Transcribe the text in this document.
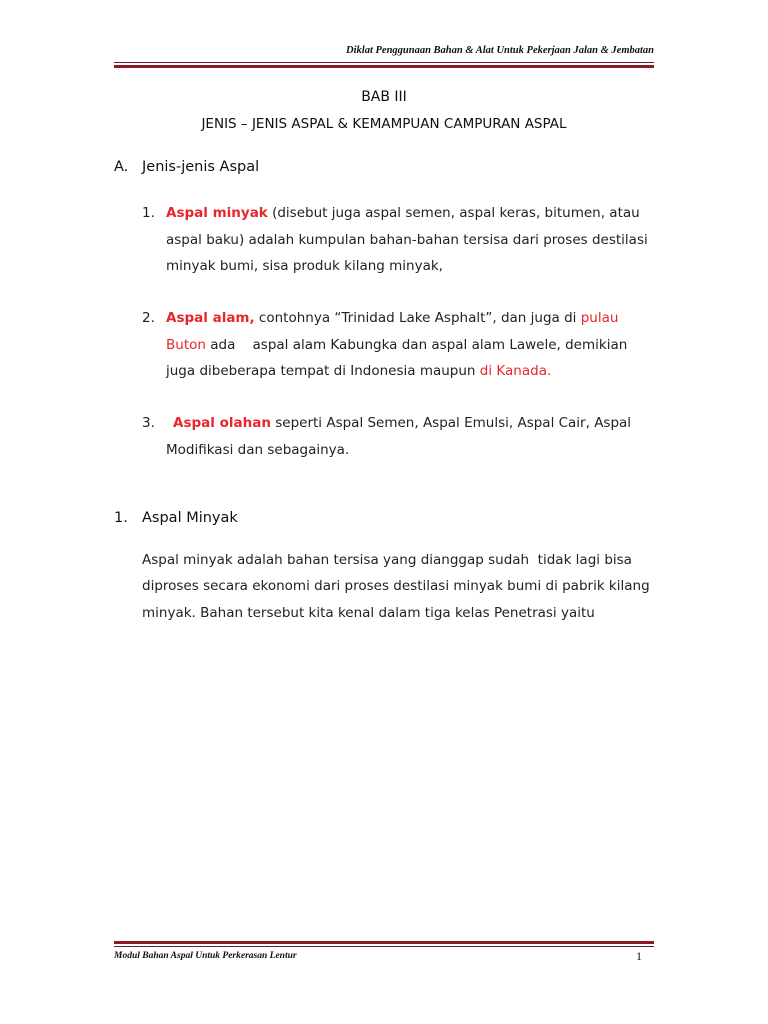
Diklat Penggunaan Bahan & Alat Untuk Pekerjaan Jalan & Jembatan
BAB III
JENIS – JENIS ASPAL & KEMAMPUAN CAMPURAN ASPAL
A. Jenis-jenis Aspal
1. Aspal minyak (disebut juga aspal semen, aspal keras, bitumen, atau
aspal baku) adalah kumpulan bahan-bahan tersisa dari proses destilasi
minyak bumi, sisa produk kilang minyak,
2. Aspal alam, contohnya “Trinidad Lake Asphalt”, dan juga di pulau
Buton ada    aspal alam Kabungka dan aspal alam Lawele, demikian
juga dibeberapa tempat di Indonesia maupun di Kanada.
3. Aspal olahan seperti Aspal Semen, Aspal Emulsi, Aspal Cair, Aspal
Modifikasi dan sebagainya.
1. Aspal Minyak
Aspal minyak adalah bahan tersisa yang dianggap sudah  tidak lagi bisa
diproses secara ekonomi dari proses destilasi minyak bumi di pabrik kilang
minyak. Bahan tersebut kita kenal dalam tiga kelas Penetrasi yaitu
Modul Bahan Aspal Untuk Perkerasan Lentur	1
